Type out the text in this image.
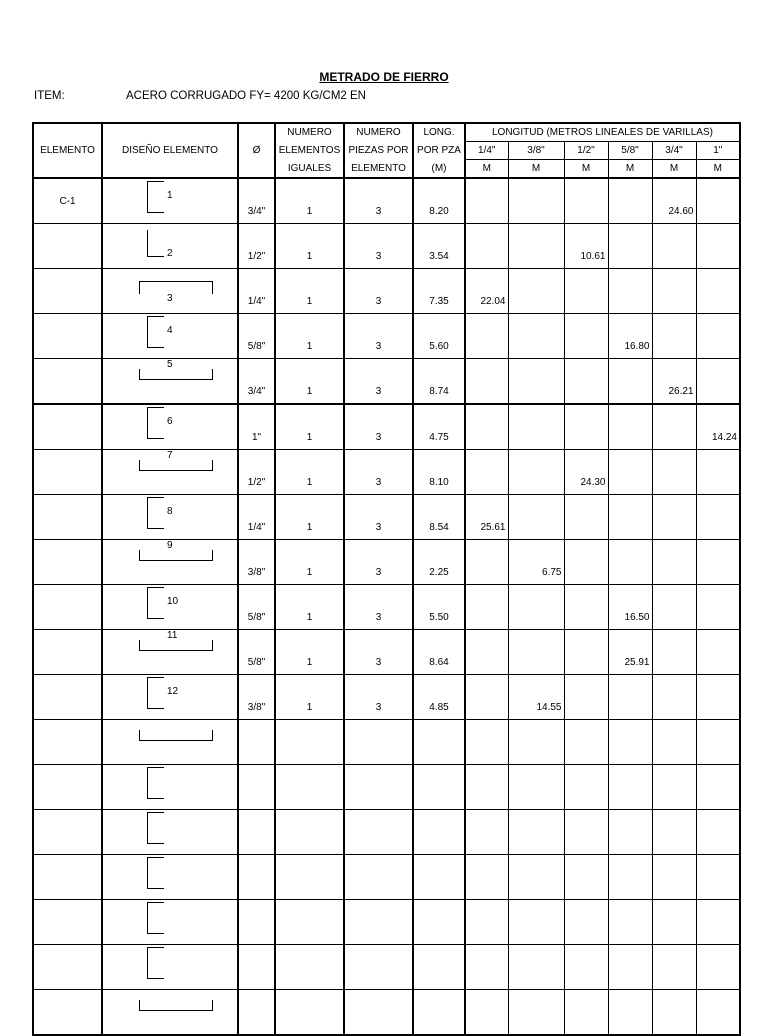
METRADO DE FIERRO
ITEM:	ACERO CORRUGADO FY= 4200 KG/CM2 EN
ELEMENTO	DISEÑO ELEMENTO	Ø	NUMERO	NUMERO	LONG.	LONGITUD (METROS LINEALES DE VARILLAS)					
			ELEMENTOS	PIEZAS POR	POR PZA	1/4"	3/8"	1/2"	5/8"	3/4"	1"
			IGUALES	ELEMENTO	(M)	M	M	M	M	M	M
C-1	1	3/4"	1	3	8.20					24.60	

	2	1/2"	1	3	3.54			10.61			

	3	1/4"	1	3	7.35	22.04					

	4	5/8"	1	3	5.60				16.80		

	5	3/4"	1	3	8.74					26.21	

	6	1"	1	3	4.75						14.24

	7	1/2"	1	3	8.10			24.30			

	8	1/4"	1	3	8.54	25.61					

	9	3/8"	1	3	2.25		6.75				

	10	5/8"	1	3	5.50				16.50		

	11	5/8"	1	3	8.64				25.91		

	12	3/8"	1	3	4.85		14.55				
